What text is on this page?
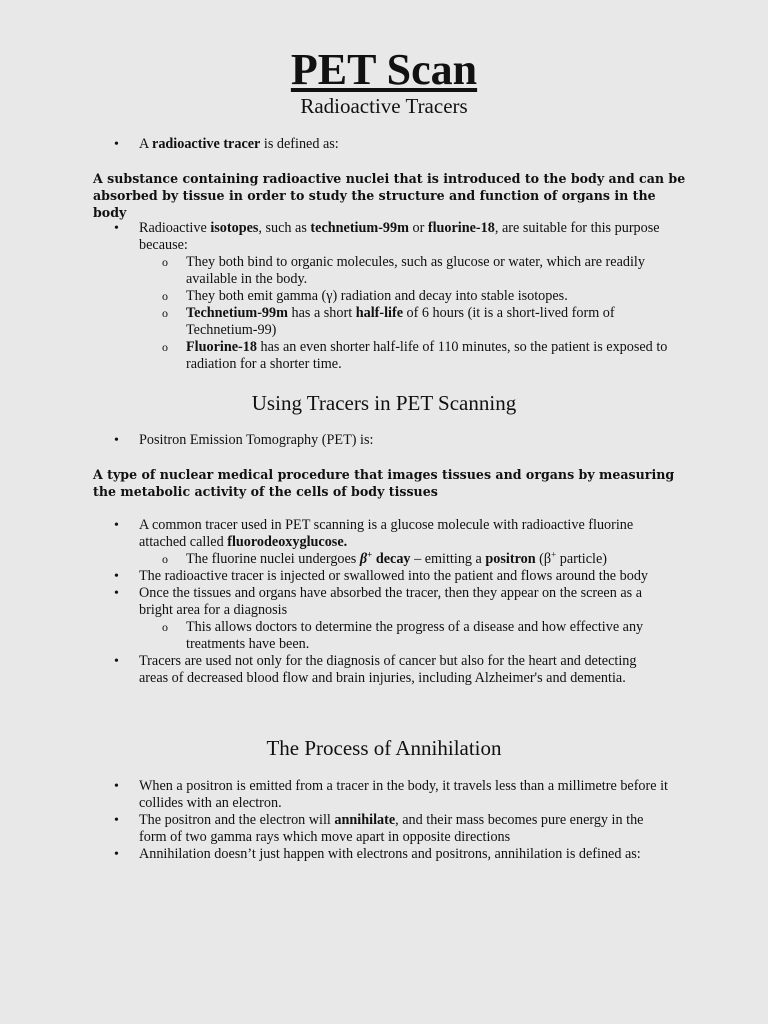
PET Scan
Radioactive Tracers
• A radioactive tracer is defined as:
A substance containing radioactive nuclei that is introduced to the body and can be absorbed by tissue in order to study the structure and function of organs in the body
• Radioactive isotopes, such as technetium-99m or fluorine-18, are suitable for this purpose because:
o They both bind to organic molecules, such as glucose or water, which are readily available in the body.
o They both emit gamma (γ) radiation and decay into stable isotopes.
o Technetium-99m has a short half-life of 6 hours (it is a short-lived form of Technetium-99)
o Fluorine-18 has an even shorter half-life of 110 minutes, so the patient is exposed to radiation for a shorter time.
Using Tracers in PET Scanning
• Positron Emission Tomography (PET) is:
A type of nuclear medical procedure that images tissues and organs by measuring the metabolic activity of the cells of body tissues
• A common tracer used in PET scanning is a glucose molecule with radioactive fluorine attached called fluorodeoxyglucose.
o The fluorine nuclei undergoes β+ decay – emitting a positron (β+ particle)
• The radioactive tracer is injected or swallowed into the patient and flows around the body
• Once the tissues and organs have absorbed the tracer, then they appear on the screen as a bright area for a diagnosis
o This allows doctors to determine the progress of a disease and how effective any treatments have been.
• Tracers are used not only for the diagnosis of cancer but also for the heart and detecting areas of decreased blood flow and brain injuries, including Alzheimer's and dementia.
The Process of Annihilation
• When a positron is emitted from a tracer in the body, it travels less than a millimetre before it collides with an electron.
• The positron and the electron will annihilate, and their mass becomes pure energy in the form of two gamma rays which move apart in opposite directions
• Annihilation doesn’t just happen with electrons and positrons, annihilation is defined as:
